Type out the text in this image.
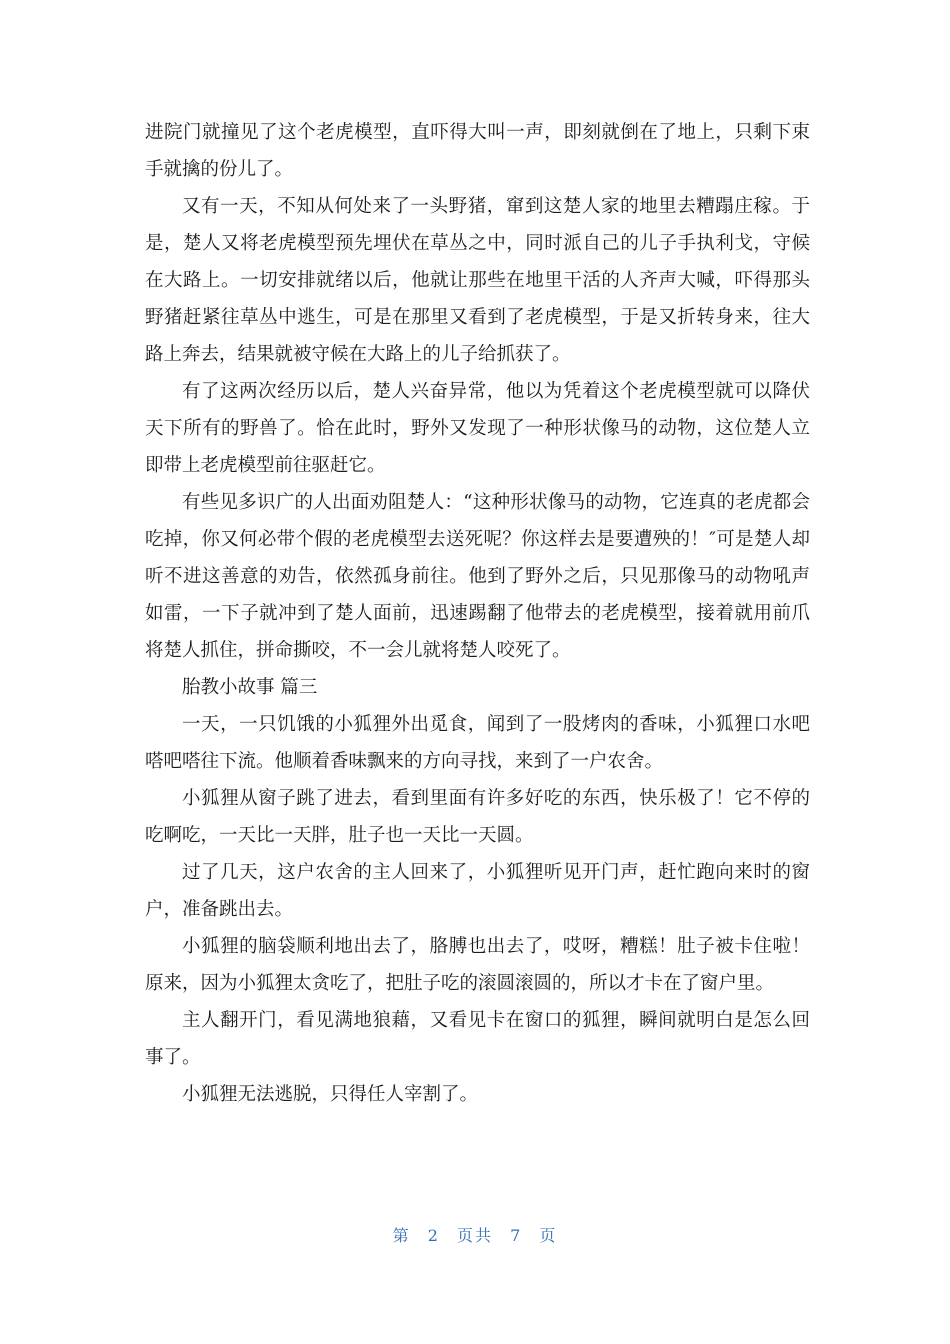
进院门就撞见了这个老虎模型，直吓得大叫一声，即刻就倒在了地上，只剩下束手就擒的份儿了。

又有一天，不知从何处来了一头野猪，窜到这楚人家的地里去糟蹋庄稼。于是，楚人又将老虎模型预先埋伏在草丛之中，同时派自己的儿子手执利戈，守候在大路上。一切安排就绪以后，他就让那些在地里干活的人齐声大喊，吓得那头野猪赶紧往草丛中逃生，可是在那里又看到了老虎模型，于是又折转身来，往大路上奔去，结果就被守候在大路上的儿子给抓获了。

有了这两次经历以后，楚人兴奋异常，他以为凭着这个老虎模型就可以降伏天下所有的野兽了。恰在此时，野外又发现了一种形状像马的动物，这位楚人立即带上老虎模型前往驱赶它。

有些见多识广的人出面劝阻楚人：“这种形状像马的动物，它连真的老虎都会吃掉，你又何必带个假的老虎模型去送死呢？你这样去是要遭殃的！″可是楚人却听不进这善意的劝告，依然孤身前往。他到了野外之后，只见那像马的动物吼声如雷，一下子就冲到了楚人面前，迅速踢翻了他带去的老虎模型，接着就用前爪将楚人抓住，拼命撕咬，不一会儿就将楚人咬死了。

胎教小故事 篇三

一天，一只饥饿的小狐狸外出觅食，闻到了一股烤肉的香味，小狐狸口水吧嗒吧嗒往下流。他顺着香味飘来的方向寻找，来到了一户农舍。

小狐狸从窗子跳了进去，看到里面有许多好吃的东西，快乐极了！它不停的吃啊吃，一天比一天胖，肚子也一天比一天圆。

过了几天，这户农舍的主人回来了，小狐狸听见开门声，赶忙跑向来时的窗户，准备跳出去。

小狐狸的脑袋顺利地出去了，胳膊也出去了，哎呀，糟糕！肚子被卡住啦！原来，因为小狐狸太贪吃了，把肚子吃的滚圆滚圆的，所以才卡在了窗户里。

主人翻开门，看见满地狼藉，又看见卡在窗口的狐狸，瞬间就明白是怎么回事了。

小狐狸无法逃脱，只得任人宰割了。

第 2 页共 7 页
